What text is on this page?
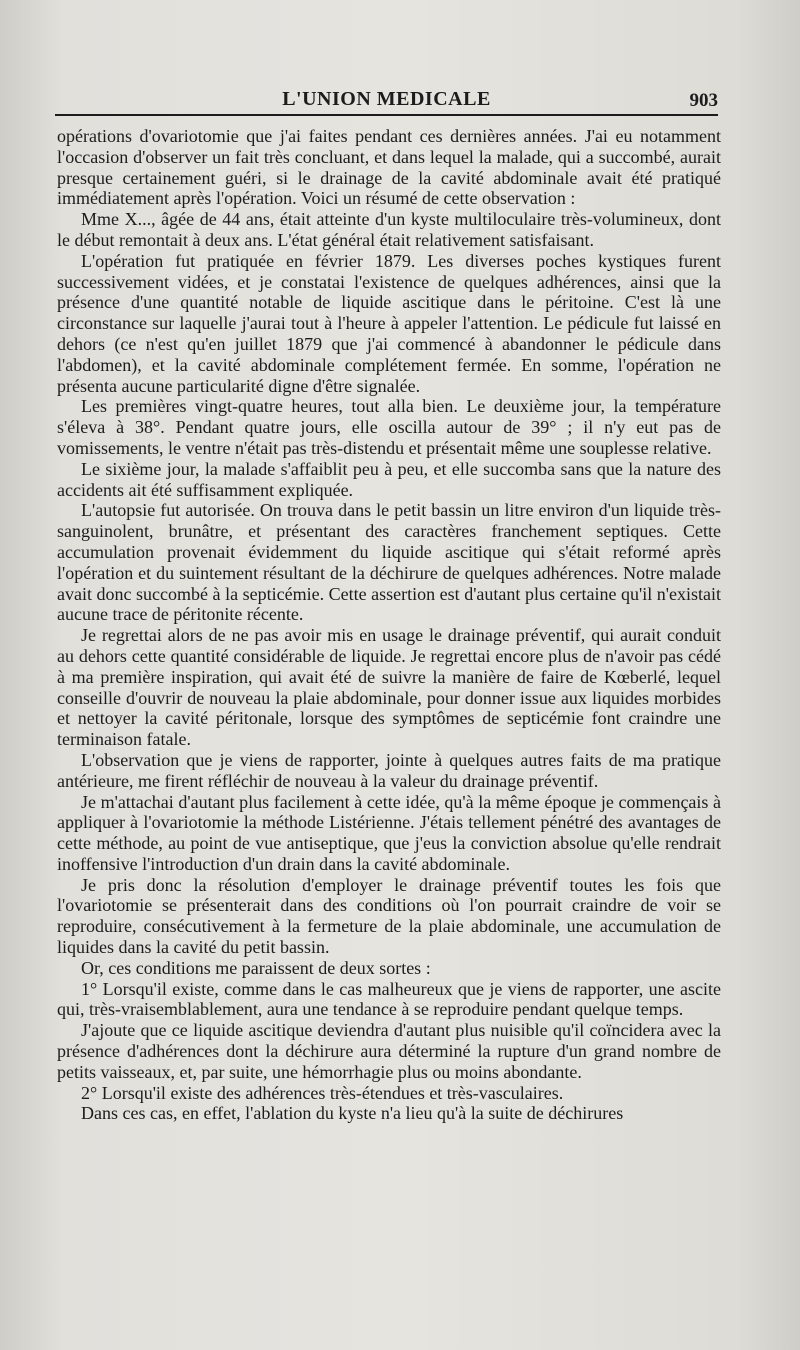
L'UNION MEDICALE	903

opérations d'ovariotomie que j'ai faites pendant ces dernières années. J'ai eu notamment l'occasion d'observer un fait très concluant, et dans lequel la malade, qui a succombé, aurait presque certainement guéri, si le drainage de la cavité abdominale avait été pratiqué immédiatement après l'opération. Voici un résumé de cette observation :

Mme X..., âgée de 44 ans, était atteinte d'un kyste multiloculaire très-volumineux, dont le début remontait à deux ans. L'état général était relativement satisfaisant.

L'opération fut pratiquée en février 1879. Les diverses poches kystiques furent successivement vidées, et je constatai l'existence de quelques adhérences, ainsi que la présence d'une quantité notable de liquide ascitique dans le péritoine. C'est là une circonstance sur laquelle j'aurai tout à l'heure à appeler l'attention. Le pédicule fut laissé en dehors (ce n'est qu'en juillet 1879 que j'ai commencé à abandonner le pédicule dans l'abdomen), et la cavité abdominale complétement fermée. En somme, l'opération ne présenta aucune particularité digne d'être signalée.

Les premières vingt-quatre heures, tout alla bien. Le deuxième jour, la température s'éleva à 38°. Pendant quatre jours, elle oscilla autour de 39° ; il n'y eut pas de vomissements, le ventre n'était pas très-distendu et présentait même une souplesse relative.

Le sixième jour, la malade s'affaiblit peu à peu, et elle succomba sans que la nature des accidents ait été suffisamment expliquée.

L'autopsie fut autorisée. On trouva dans le petit bassin un litre environ d'un liquide très-sanguinolent, brunâtre, et présentant des caractères franchement septiques. Cette accumulation provenait évidemment du liquide ascitique qui s'était reformé après l'opération et du suintement résultant de la déchirure de quelques adhérences. Notre malade avait donc succombé à la septicémie. Cette assertion est d'autant plus certaine qu'il n'existait aucune trace de péritonite récente.

Je regrettai alors de ne pas avoir mis en usage le drainage préventif, qui aurait conduit au dehors cette quantité considérable de liquide. Je regrettai encore plus de n'avoir pas cédé à ma première inspiration, qui avait été de suivre la manière de faire de Kœberlé, lequel conseille d'ouvrir de nouveau la plaie abdominale, pour donner issue aux liquides morbides et nettoyer la cavité péritonale, lorsque des symptômes de septicémie font craindre une terminaison fatale.

L'observation que je viens de rapporter, jointe à quelques autres faits de ma pratique antérieure, me firent réfléchir de nouveau à la valeur du drainage préventif.

Je m'attachai d'autant plus facilement à cette idée, qu'à la même époque je commençais à appliquer à l'ovariotomie la méthode Listérienne. J'étais tellement pénétré des avantages de cette méthode, au point de vue antiseptique, que j'eus la conviction absolue qu'elle rendrait inoffensive l'introduction d'un drain dans la cavité abdominale.

Je pris donc la résolution d'employer le drainage préventif toutes les fois que l'ovariotomie se présenterait dans des conditions où l'on pourrait craindre de voir se reproduire, consécutivement à la fermeture de la plaie abdominale, une accumulation de liquides dans la cavité du petit bassin.

Or, ces conditions me paraissent de deux sortes :

1° Lorsqu'il existe, comme dans le cas malheureux que je viens de rapporter, une ascite qui, très-vraisemblablement, aura une tendance à se reproduire pendant quelque temps.

J'ajoute que ce liquide ascitique deviendra d'autant plus nuisible qu'il coïncidera avec la présence d'adhérences dont la déchirure aura déterminé la rupture d'un grand nombre de petits vaisseaux, et, par suite, une hémorrhagie plus ou moins abondante.

2° Lorsqu'il existe des adhérences très-étendues et très-vasculaires.

Dans ces cas, en effet, l'ablation du kyste n'a lieu qu'à la suite de déchirures
